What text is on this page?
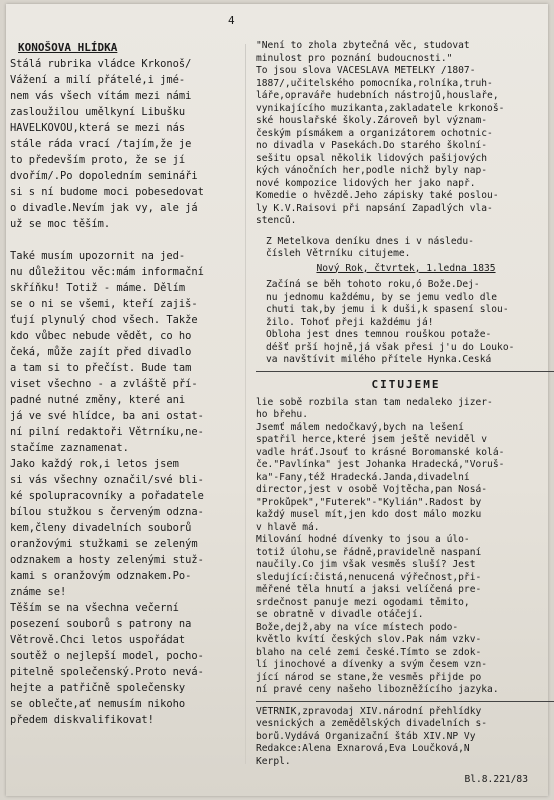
4
KONOŠOVA HLÍDKA
Stálá rubrika vládce Krkonoš/
Vážení a milí přátelé,i jmé-
nem vás všech vítám mezi námi
zasloužilou umělkyní Libušku
HAVELKOVOU,která se mezi nás
stále ráda vrací /tajím,že je
to především proto, že se jí
dvořím/.Po dopoledním semináři
si s ní budome moci pobesedovat
o divadle.Nevím jak vy, ale já
už se moc těším.
Také musím upozornit na jed-
nu důležitou věc:mám informační
skříňku! Totiž - máme. Dělím
se o ni se všemi, kteří zajiš-
ťují plynulý chod všech. Takže
kdo vůbec nebude vědět, co ho
čeká, může zajít před divadlo
a tam si to přečíst. Bude tam
viset všechno - a zvláště pří-
padné nutné změny, které ani
já ve své hlídce, ba ani ostat-
ní pilní redaktoři Větrníku,ne-
stačíme zaznamenat.
Jako každý rok,i letos jsem
si vás všechny označil/své bli-
ké spolupracovníky a pořadatele
bílou stužkou s červeným odzna-
kem,členy divadelních souborů
oranžovými stužkami se zeleným
odznakem a hosty zelenými stuž-
kami s oranžovým odznakem.Po-
známe se!
Těším se na všechna večerní
posezení souborů s patrony na
Větrově.Chci letos uspořádat
soutěž o nejlepší model, pocho-
pitelně společenský.Proto nevá-
hejte a patřičně společensky
se oblečte,ať nemusím nikoho
předem diskvalifikovat!
"Není to zhola zbytečná věc, studovat
minulost pro poznání budoucnosti."
To jsou slova VÁCESLAVA METELKY /1807-
1887/,učitelského pomocníka,rolníka,truh-
láře,opraváře hudebních nástrojů,houslaře,
vynikajícího muzikanta,zakladatele krkonoš-
ské houslařské školy.Zároveň byl význam-
českým písmákem a organizátorem ochotnic-
no divadla v Pasekách.Do starého školní-
sešitu opsal několik lidových pašijových
kých vánočních her,podle nichž byly nap-
nové kompozice lidových her jako např.
Komedie o hvězdě.Jeho zápisky také poslou-
ly K.V.Raisovi při napsání Zapadlých vla-
stenců.
Z Metelkova deníku dnes i v následu-
čísleh Větrníku citujeme.
Nový Rok, čtvrtek, 1.ledna 1835
Začíná se běh tohoto roku,ó Bože.Dej-
nu jednomu každému, by se jemu vedlo dle
chuti tak,by jemu i k duši,k spasení slou-
žilo. Tohoť přeji každému já!
Obloha jest dnes temnou rouškou potaže-
déšť prší hojně,já však přesi j'u do Louko-
va navštívit milého přítele Hynka.Česká
CITUJEME
lie sobě rozbila stan tam nedaleko jizer-
ho břehu.
Jsemť málem nedočkavý,bych na lešení
spatřil herce,které jsem ještě neviděl v
vadle hráť.Jsouť to krásné Boromanské kolá-
če."Pavlínka" jest Johanka Hradecká,"Voruš-
ka"-Fany,též Hradecká.Janda,divadelní
director,jest v osobě Vojtěcha,pan Nosá-
"Prokůpek","Futerek"-"Kylián".Radost by
každý musel mít,jen kdo dost málo mozku
v hlavě má.
Milování hodné dívenky to jsou a úlo-
totiž úlohu,se řádně,pravidelně naspaní
naučily.Co jim však vesměs sluší? Jest
sledující:čistá,nenucená výřečnost,při-
měřené těla hnutí a jaksi velíčená pre-
srdečnost panuje mezi ogodami těmito,
se obratně v divadle otáčejí.
Bože,dejž,aby na více místech podo-
květlo kvítí českých slov.Pak nám vzkv-
blaho na celé zemi české.Tímto se zdok-
lí jinochové a dívenky a svým česem vzn-
jící národ se stane,že vesměs přijde po
ní pravé ceny našeho libozněžícího jazyka.
VĚTRNÍK,zpravodaj XIV.národní přehlídky
vesnických a zemědělských divadelních s-
borů.Vydává Organizační štáb XIV.NP Vy
Redakce:Alena Exnarová,Eva Loučková,N
Kerpl.
Bl.8.221/83
